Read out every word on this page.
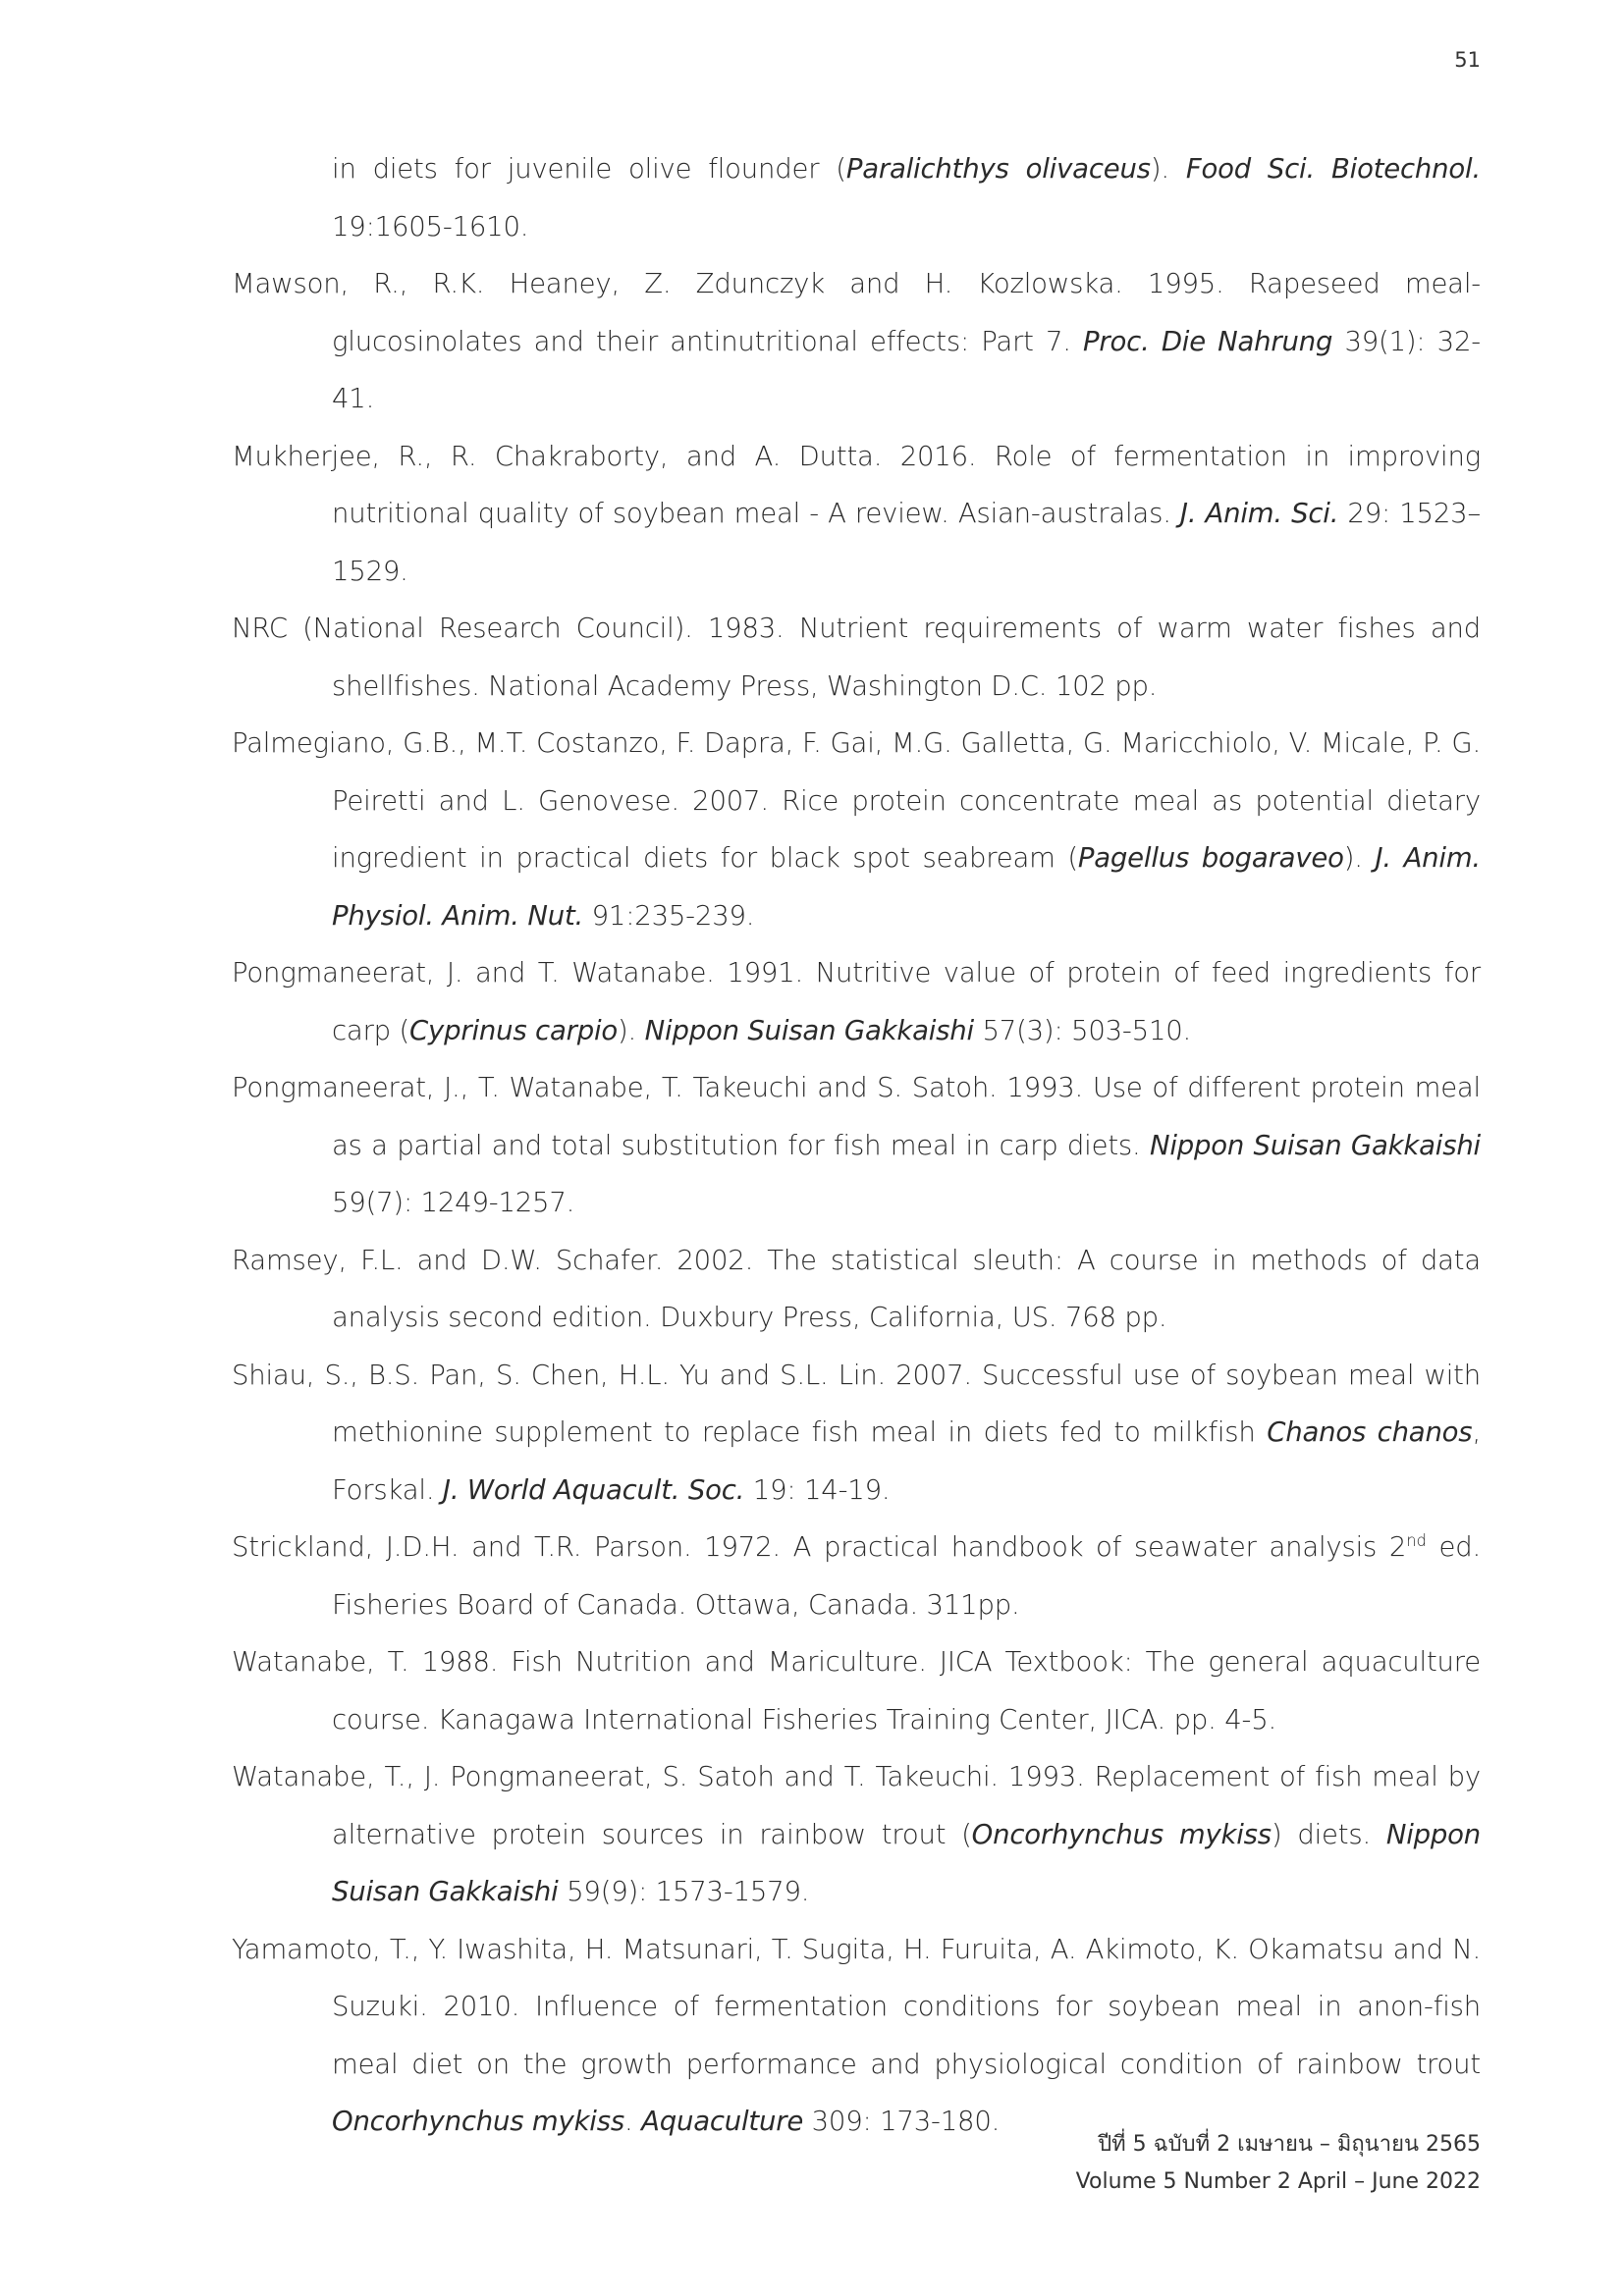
51

in diets for juvenile olive flounder (Paralichthys olivaceus). Food Sci. Biotechnol. 19:1605-1610.

Mawson, R., R.K. Heaney, Z. Zdunczyk and H. Kozlowska. 1995. Rapeseed meal-glucosinolates and their antinutritional effects: Part 7. Proc. Die Nahrung 39(1): 32-41.

Mukherjee, R., R. Chakraborty, and A. Dutta. 2016. Role of fermentation in improving nutritional quality of soybean meal - A review. Asian-australas. J. Anim. Sci. 29: 1523–1529.

NRC (National Research Council). 1983. Nutrient requirements of warm water fishes and shellfishes. National Academy Press, Washington D.C. 102 pp.

Palmegiano, G.B., M.T. Costanzo, F. Dapra, F. Gai, M.G. Galletta, G. Maricchiolo, V. Micale, P. G. Peiretti and L. Genovese. 2007. Rice protein concentrate meal as potential dietary ingredient in practical diets for black spot seabream (Pagellus bogaraveo). J. Anim. Physiol. Anim. Nut. 91:235-239.

Pongmaneerat, J. and T. Watanabe. 1991. Nutritive value of protein of feed ingredients for carp (Cyprinus carpio). Nippon Suisan Gakkaishi 57(3): 503-510.

Pongmaneerat, J., T. Watanabe, T. Takeuchi and S. Satoh. 1993. Use of different protein meal as a partial and total substitution for fish meal in carp diets. Nippon Suisan Gakkaishi 59(7): 1249-1257.

Ramsey, F.L. and D.W. Schafer. 2002. The statistical sleuth: A course in methods of data analysis second edition. Duxbury Press, California, US. 768 pp.

Shiau, S., B.S. Pan, S. Chen, H.L. Yu and S.L. Lin. 2007. Successful use of soybean meal with methionine supplement to replace fish meal in diets fed to milkfish Chanos chanos, Forskal. J. World Aquacult. Soc. 19: 14-19.

Strickland, J.D.H. and T.R. Parson. 1972. A practical handbook of seawater analysis 2nd ed. Fisheries Board of Canada. Ottawa, Canada. 311pp.

Watanabe, T. 1988. Fish Nutrition and Mariculture. JICA Textbook: The general aquaculture course. Kanagawa International Fisheries Training Center, JICA. pp. 4-5.

Watanabe, T., J. Pongmaneerat, S. Satoh and T. Takeuchi. 1993. Replacement of fish meal by alternative protein sources in rainbow trout (Oncorhynchus mykiss) diets. Nippon Suisan Gakkaishi 59(9): 1573-1579.

Yamamoto, T., Y. Iwashita, H. Matsunari, T. Sugita, H. Furuita, A. Akimoto, K. Okamatsu and N. Suzuki. 2010. Influence of fermentation conditions for soybean meal in anon-fish meal diet on the growth performance and physiological condition of rainbow trout Oncorhynchus mykiss. Aquaculture 309: 173-180.

ปีที่ 5 ฉบับที่ 2 เมษายน – มิถุนายน 2565
Volume 5 Number 2 April – June 2022
